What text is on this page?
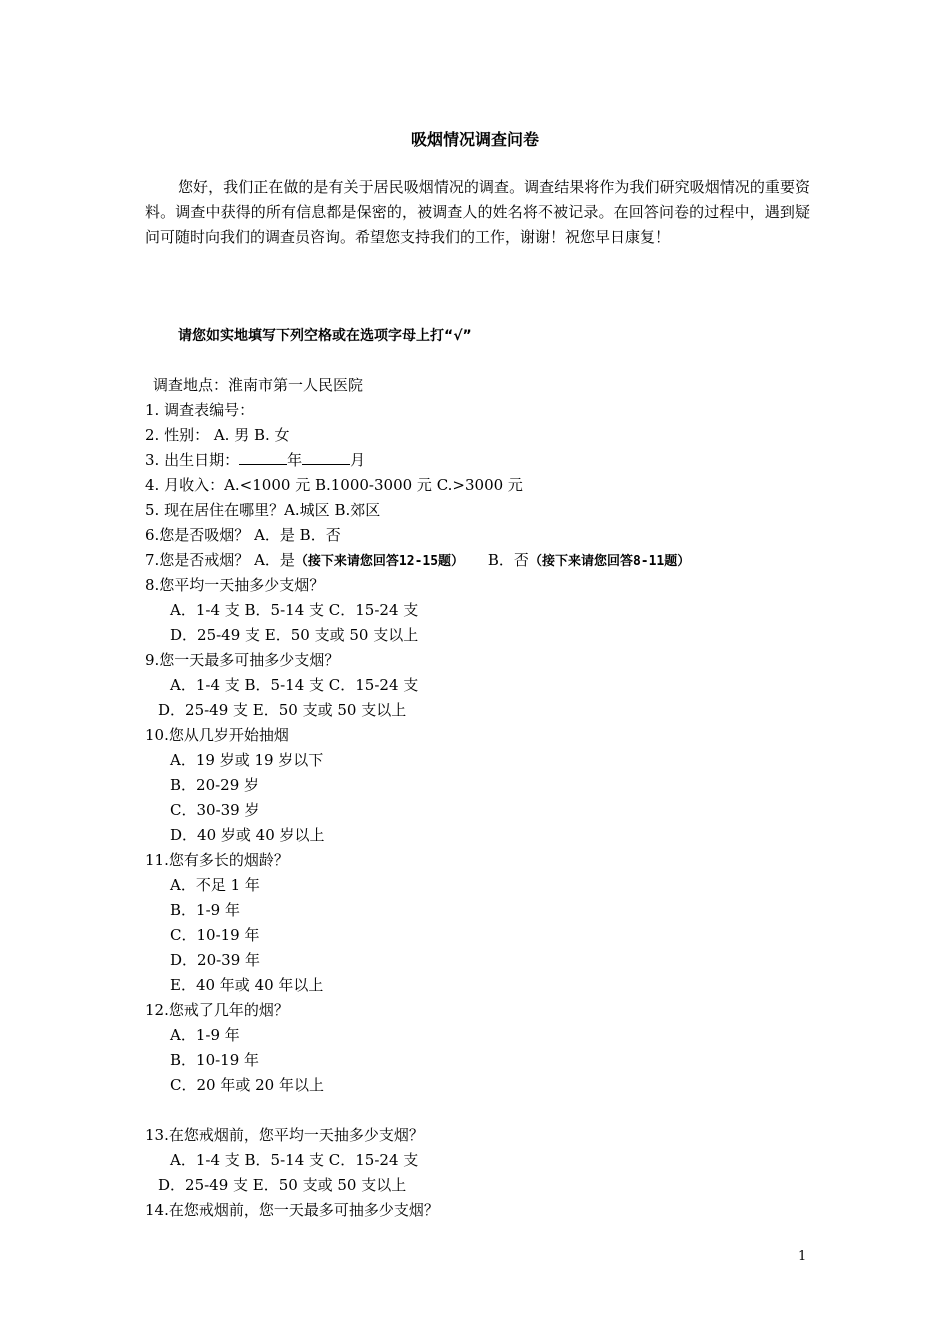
吸烟情况调查问卷

您好，我们正在做的是有关于居民吸烟情况的调查。调查结果将作为我们研究吸烟情况的重要资料。调查中获得的所有信息都是保密的，被调查人的姓名将不被记录。在回答问卷的过程中，遇到疑问可随时向我们的调查员咨询。希望您支持我们的工作，谢谢！祝您早日康复！

请您如实地填写下列空格或在选项字母上打“√”
调查地点：淮南市第一人民医院
1. 调查表编号：
2. 性别： A. 男 B. 女
3. 出生日期：	年	月
4. 月收入：A.<1000 元 B.1000-3000 元 C.>3000 元
5. 现在居住在哪里？A.城区 B.郊区
6.您是否吸烟？ A．是 B．否
7.您是否戒烟？ A．是（接下来请您回答12-15题）     B．否（接下来请您回答8-11题）
8.您平均一天抽多少支烟？
A．1-4 支 B．5-14 支 C．15-24 支
D．25-49 支 E．50 支或 50 支以上
9.您一天最多可抽多少支烟？
A．1-4 支 B．5-14 支 C．15-24 支
D．25-49 支 E．50 支或 50 支以上
10.您从几岁开始抽烟
A．19 岁或 19 岁以下
B．20-29 岁
C．30-39 岁
D．40 岁或 40 岁以上
11.您有多长的烟龄？
A．不足 1 年
B．1-9 年
C．10-19 年
D．20-39 年
E．40 年或 40 年以上
12.您戒了几年的烟？
A．1-9 年
B．10-19 年
C．20 年或 20 年以上
13.在您戒烟前，您平均一天抽多少支烟？
A．1-4 支 B．5-14 支 C．15-24 支
D．25-49 支 E．50 支或 50 支以上
14.在您戒烟前，您一天最多可抽多少支烟？
1
